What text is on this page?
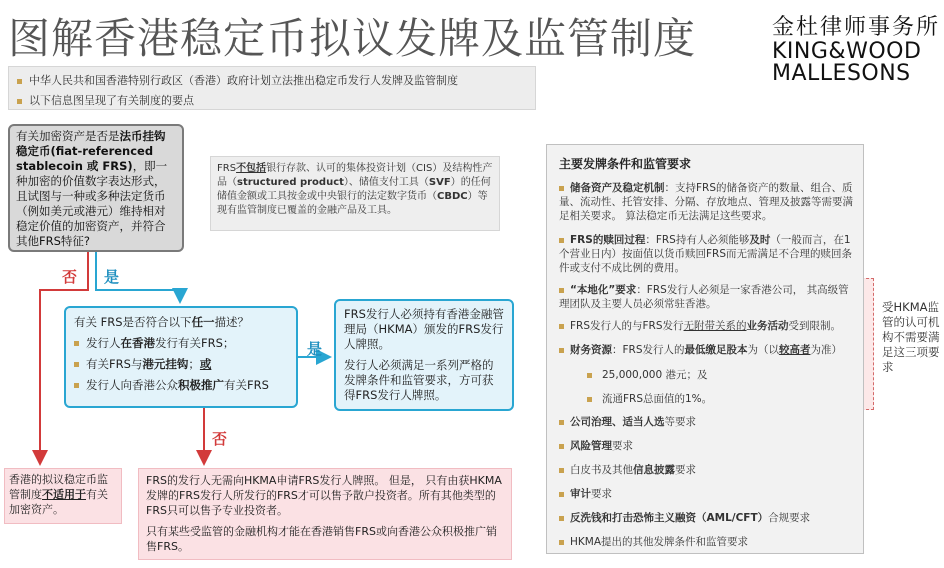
图解香港稳定币拟议发牌及监管制度	金杜律师事务所
KING&WOOD
MALLESONS
中华人民共和国香港特别行政区（香港）政府计划立法推出稳定币发行人发牌及监管制度
以下信息图呈现了有关制度的要点
有关加密资产是否是法币挂钩稳定币(fiat-referenced stablecoin 或 FRS)，即一种加密的价值数字表达形式，且试图与一种或多种法定货币（例如美元或港元）维持相对稳定价值的加密资产，并符合其他FRS特征?
FRS不包括银行存款、认可的集体投资计划（CIS）及结构性产品（structured product）、储值支付工具（SVF）的任何储值金额或工具按金或中央银行的法定数字货币（CBDC）等现有监管制度已覆盖的金融产品及工具。
否 是
是
否
有关 FRS是否符合以下任一描述？
发行人在香港发行有关FRS；
有关FRS与港元挂钩；或
发行人向香港公众积极推广有关FRS
FRS发行人必须持有香港金融管理局（HKMA）颁发的FRS发行人牌照。
发行人必须满足一系列严格的发牌条件和监管要求，方可获得FRS发行人牌照。
香港的拟议稳定币监管制度不适用于有关加密资产。
FRS的发行人无需向HKMA申请FRS发行人牌照。 但是， 只有由获HKMA发牌的FRS发行人所发行的FRS才可以售予散户投资者。所有其他类型的FRS只可以售予专业投资者。
只有某些受监管的金融机构才能在香港销售FRS或向香港公众积极推广销售FRS。
主要发牌条件和监管要求
储备资产及稳定机制：支持FRS的储备资产的数量、组合、质量、流动性、托管安排、分隔、存放地点、管理及披露等需要满足相关要求。 算法稳定币无法满足这些要求。
FRS的赎回过程：FRS持有人必须能够及时（一般而言，在1个营业日内）按面值以货币赎回FRS而无需满足不合理的赎回条件或支付不成比例的费用。
“本地化”要求：FRS发行人必须是一家香港公司， 其高级管理团队及主要人员必须常驻香港。
FRS发行人的与FRS发行无附带关系的业务活动受到限制。
财务资源：FRS发行人的最低缴足股本为（以较高者为准）
25,000,000 港元；及
流通FRS总面值的1%。
公司治理、适当人选等要求
风险管理要求
白皮书及其他信息披露要求
审计要求
反洗钱和打击恐怖主义融资（AML/CFT）合规要求
HKMA提出的其他发牌条件和监管要求
受HKMA监管的认可机构不需要满足这三项要求
